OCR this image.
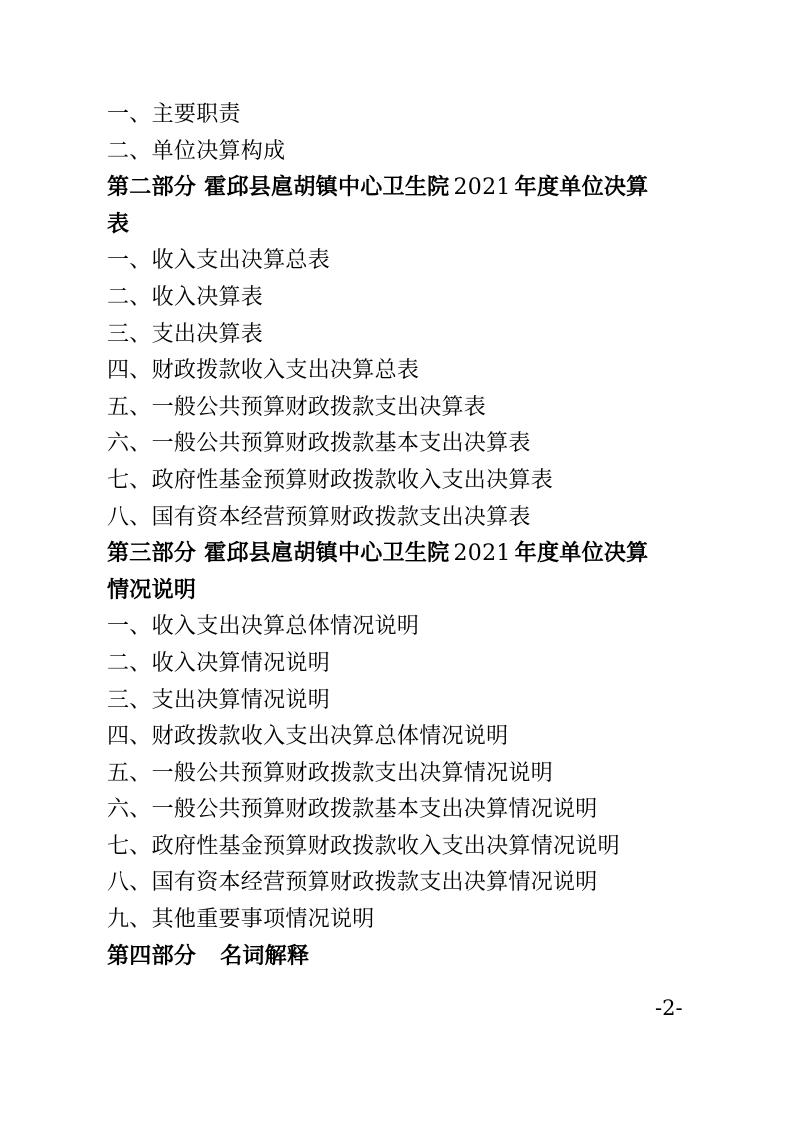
一、主要职责
二、单位决算构成
第二部分 霍邱县扈胡镇中心卫生院 2021 年度单位决算
表
一、收入支出决算总表
二、收入决算表
三、支出决算表
四、财政拨款收入支出决算总表
五、一般公共预算财政拨款支出决算表
六、一般公共预算财政拨款基本支出决算表
七、政府性基金预算财政拨款收入支出决算表
八、国有资本经营预算财政拨款支出决算表
第三部分 霍邱县扈胡镇中心卫生院 2021 年度单位决算
情况说明
一、收入支出决算总体情况说明
二、收入决算情况说明
三、支出决算情况说明
四、财政拨款收入支出决算总体情况说明
五、一般公共预算财政拨款支出决算情况说明
六、一般公共预算财政拨款基本支出决算情况说明
七、政府性基金预算财政拨款收入支出决算情况说明
八、国有资本经营预算财政拨款支出决算情况说明
九、其他重要事项情况说明
第四部分   名词解释
-2-
